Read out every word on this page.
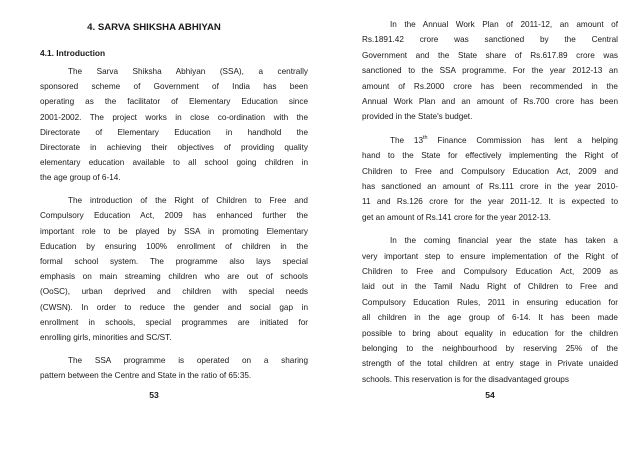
4. SARVA SHIKSHA ABHIYAN
4.1. Introduction
The Sarva Shiksha Abhiyan (SSA), a centrally
sponsored scheme of Government of India has been
operating as the facilitator of Elementary Education since
2001-2002. The project works in close co-ordination with the
Directorate of Elementary Education in handhold the
Directorate in achieving their objectives of providing quality
elementary education available to all school going children in
the age group of 6-14.
The introduction of the Right of Children to Free and
Compulsory Education Act, 2009 has enhanced further the
important role to be played by SSA in promoting Elementary
Education by ensuring 100% enrollment of children in the
formal school system. The programme also lays special
emphasis on main streaming children who are out of schools
(OoSC), urban deprived and children with special needs
(CWSN). In order to reduce the gender and social gap in
enrollment in schools, special programmes are initiated for
enrolling girls, minorities and SC/ST.
The SSA programme is operated on a sharing
pattern between the Centre and State in the ratio of 65:35.
53
In the Annual Work Plan of 2011-12, an amount of
Rs.1891.42 crore was sanctioned by the Central
Government and the State share of Rs.617.89 crore was
sanctioned to the SSA programme. For the year 2012-13 an
amount of Rs.2000 crore has been recommended in the
Annual Work Plan and an amount of Rs.700 crore has been
provided in the State's budget.
The 13th Finance Commission has lent a helping
hand to the State for effectively implementing the Right of
Children to Free and Compulsory Education Act, 2009 and
has sanctioned an amount of Rs.111 crore in the year 2010-
11 and Rs.126 crore for the year 2011-12. It is expected to
get an amount of Rs.141 crore for the year 2012-13.
In the coming financial year the state has taken a
very important step to ensure implementation of the Right of
Children to Free and Compulsory Education Act, 2009 as
laid out in the Tamil Nadu Right of Children to Free and
Compulsory Education Rules, 2011 in ensuring education for
all children in the age group of 6-14. It has been made
possible to bring about equality in education for the children
belonging to the neighbourhood by reserving 25% of the
strength of the total children at entry stage in Private unaided
schools. This reservation is for the disadvantaged groups
54
